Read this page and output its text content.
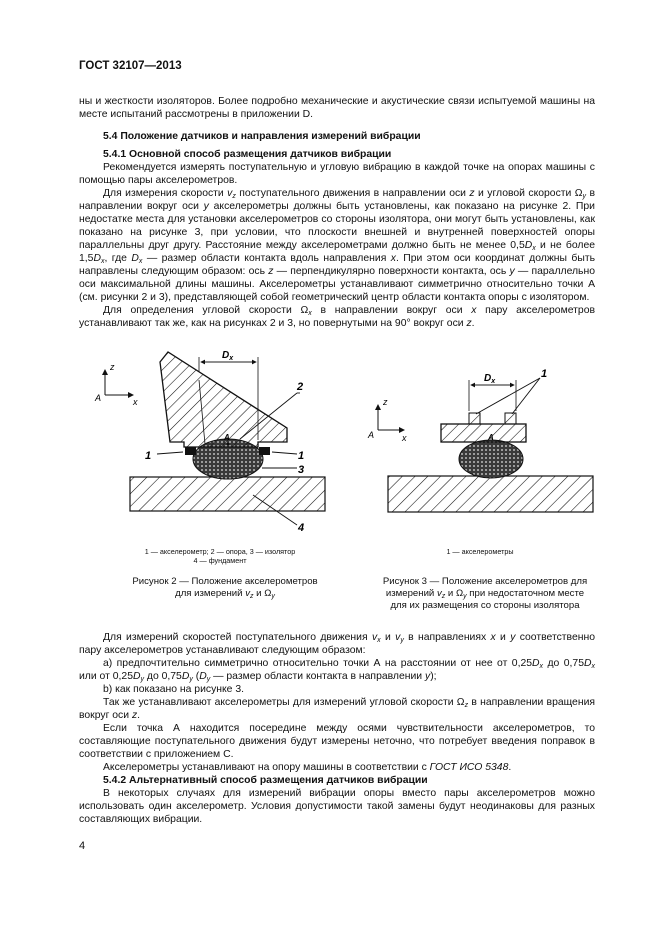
ГОСТ 32107—2013

ны и жесткости изоляторов. Более подробно механические и акустические связи испытуемой машины на месте испытаний рассмотрены в приложении D.

5.4 Положение датчиков и направления измерений вибрации

5.4.1 Основной способ размещения датчиков вибрации

Рекомендуется измерять поступательную и угловую вибрацию в каждой точке на опорах машины с помощью пары акселерометров.

Для измерения скорости $v_z$ поступательного движения в направлении оси z и угловой скорости $\Omega_y$ в направлении вокруг оси y акселерометры должны быть установлены, как показано на рисунке 2. При недостатке места для установки акселерометров со стороны изолятора, они могут быть установлены, как показано на рисунке 3, при условии, что плоскости внешней и внутренней поверхностей опоры параллельны друг другу. Расстояние между акселерометрами должно быть не менее $0,5D_x$ и не более $1,5D_x$, где $D_x$ — размер области контакта вдоль направления x. При этом оси координат должны быть направлены следующим образом: ось z — перпендикулярно поверхности контакта, ось y — параллельно оси максимальной длины машины. Акселерометры устанавливают симметрично относительно точки А (см. рисунки 2 и 3), представляющей собой геометрический центр области контакта опоры с изолятором.

Для определения угловой скорости $\Omega_x$ в направлении вокруг оси x пару акселерометров устанавливают так же, как на рисунках 2 и 3, но повернутыми на 90° вокруг оси z.

z
x
A
$D_x$
A
2
1	1
3
4
z
x
A
$D_x$
A
1
1 — акселерометр; 2 — опора, 3 — изолятор
4 — фундамент
Рисунок 2 — Положение акселерометров
для измерений $v_z$ и $\Omega_y$
1 — акселерометры
Рисунок 3 — Положение акселерометров для
измерений $v_z$ и $\Omega_y$ при недостаточном месте
для их размещения со стороны изолятора

Для измерений скоростей поступательного движения $v_x$ и $v_y$ в направлениях x и y соответственно пару акселерометров устанавливают следующим образом:

а) предпочтительно симметрично относительно точки А на расстоянии от нее от $0,25D_x$ до $0,75D_x$ или от $0,25D_y$ до $0,75D_y$ ($D_y$ — размер области контакта в направлении y);

b) как показано на рисунке 3.

Так же устанавливают акселерометры для измерений угловой скорости $\Omega_z$ в направлении вращения вокруг оси z.

Если точка А находится посередине между осями чувствительности акселерометров, то составляющие поступательного движения будут измерены неточно, что потребует введения поправок в соответствии с приложением С.

Акселерометры устанавливают на опору машины в соответствии с ГОСТ ИСО 5348.

5.4.2 Альтернативный способ размещения датчиков вибрации

В некоторых случаях для измерений вибрации опоры вместо пары акселерометров можно использовать один акселерометр. Условия допустимости такой замены будут неодинаковы для разных составляющих вибрации.

4
